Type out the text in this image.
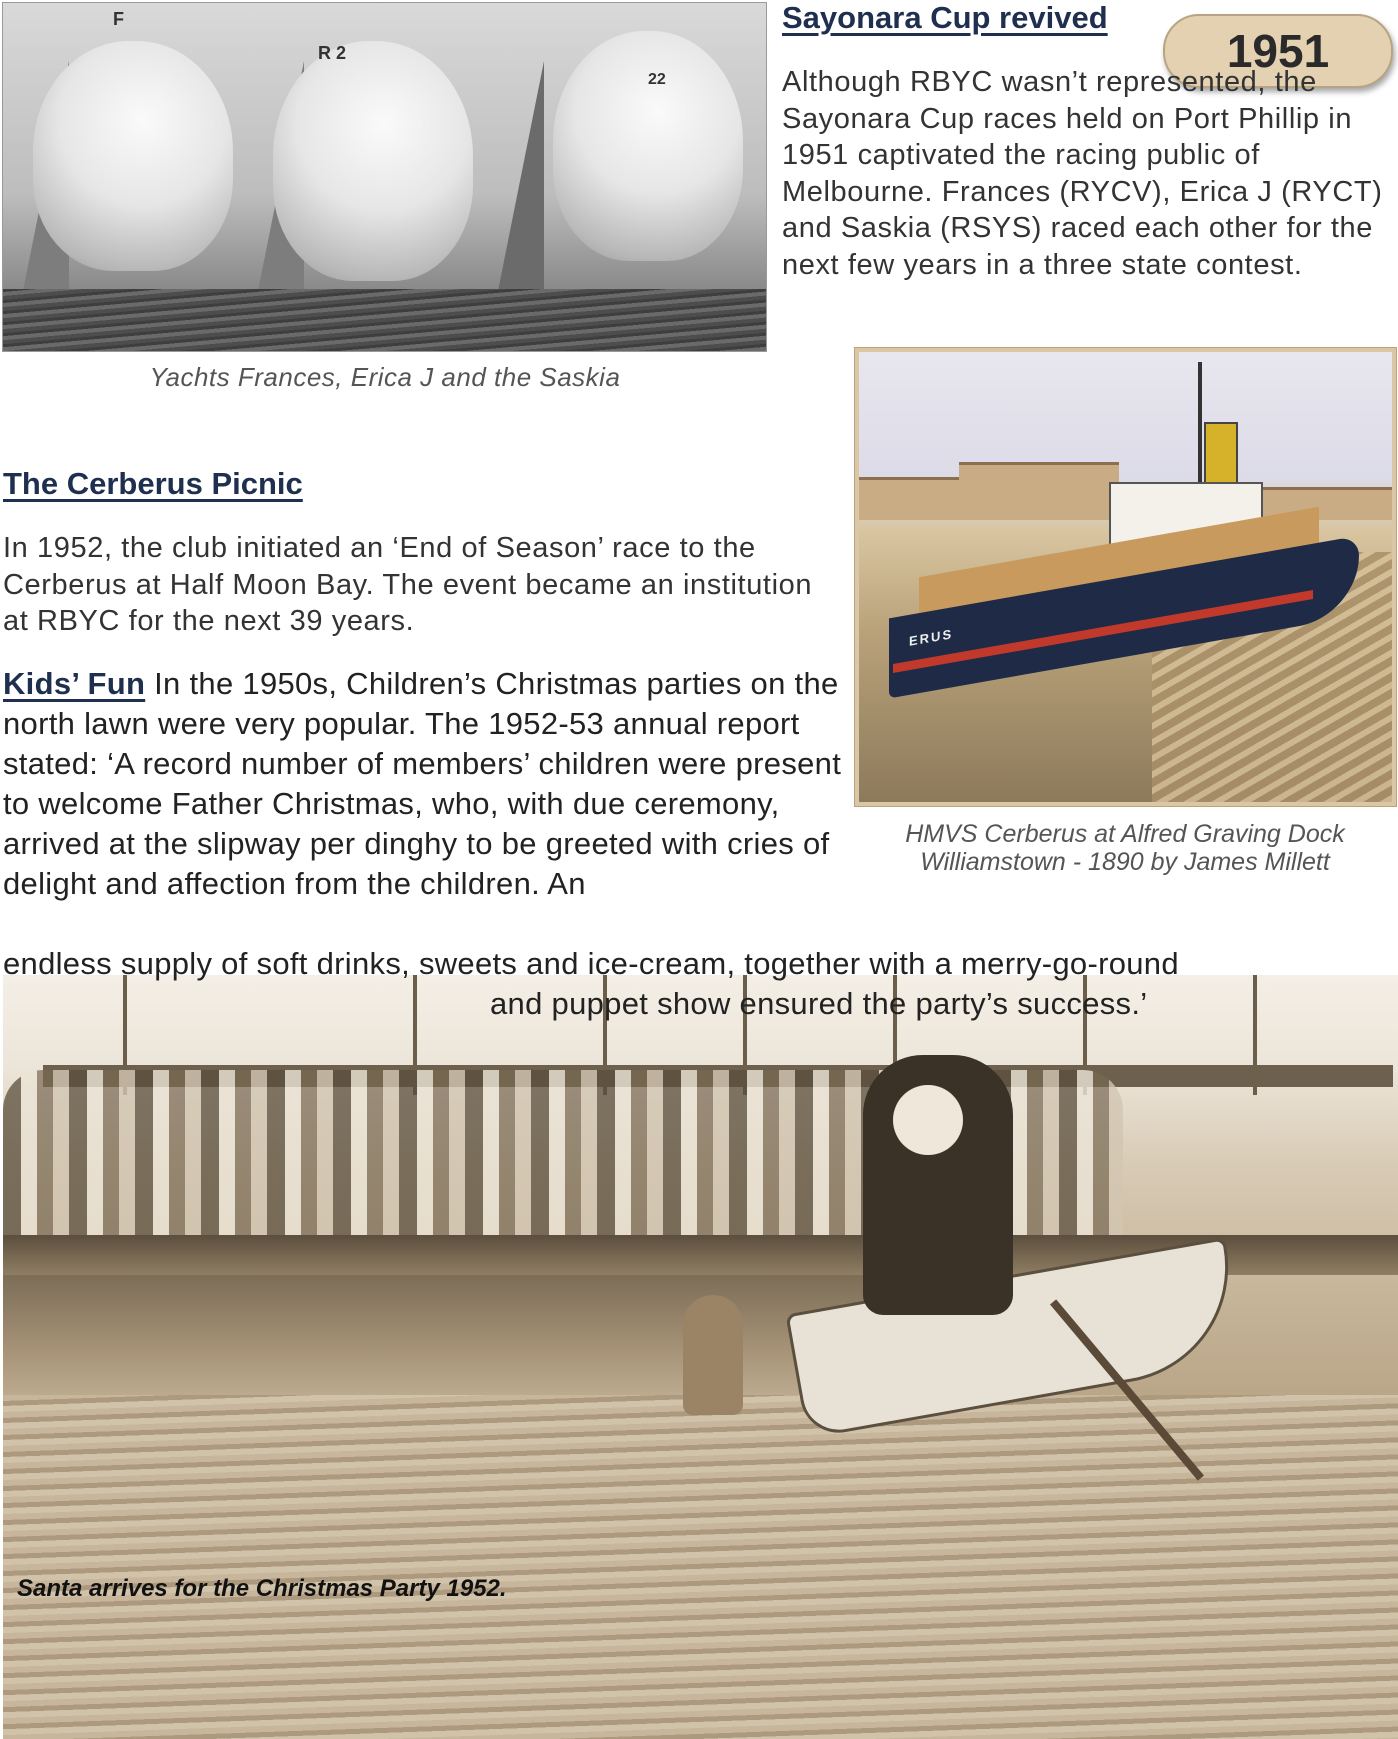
F
R 2
22
Yachts Frances, Erica J and the Saskia
Sayonara Cup revived
1951
Although RBYC wasn’t represented, the Sayonara Cup races held on Port Phillip in 1951 captivated the racing public of Melbourne. Frances (RYCV), Erica J (RYCT) and Saskia (RSYS) raced each other for the next few years in a three state contest.
ERUS
HMVS Cerberus at Alfred Graving Dock Williamstown - 1890 by James Millett
The Cerberus Picnic
In 1952, the club initiated an ‘End of Season’ race to the Cerberus at Half Moon Bay. The event became an institution at RBYC for the next 39 years.
Santa arrives for the Christmas Party 1952.
Kids’ Fun In the 1950s, Children’s Christmas parties on the north lawn were very popular. The 1952-53 annual report stated: ‘A record number of members’ children were present to welcome Father Christmas, who, with due ceremony, arrived at the slipway per dinghy to be greeted with cries of delight and affection from the children. An
endless supply of soft drinks, sweets and ice-cream, together with a merry-go-round
and puppet show ensured the party’s success.’
